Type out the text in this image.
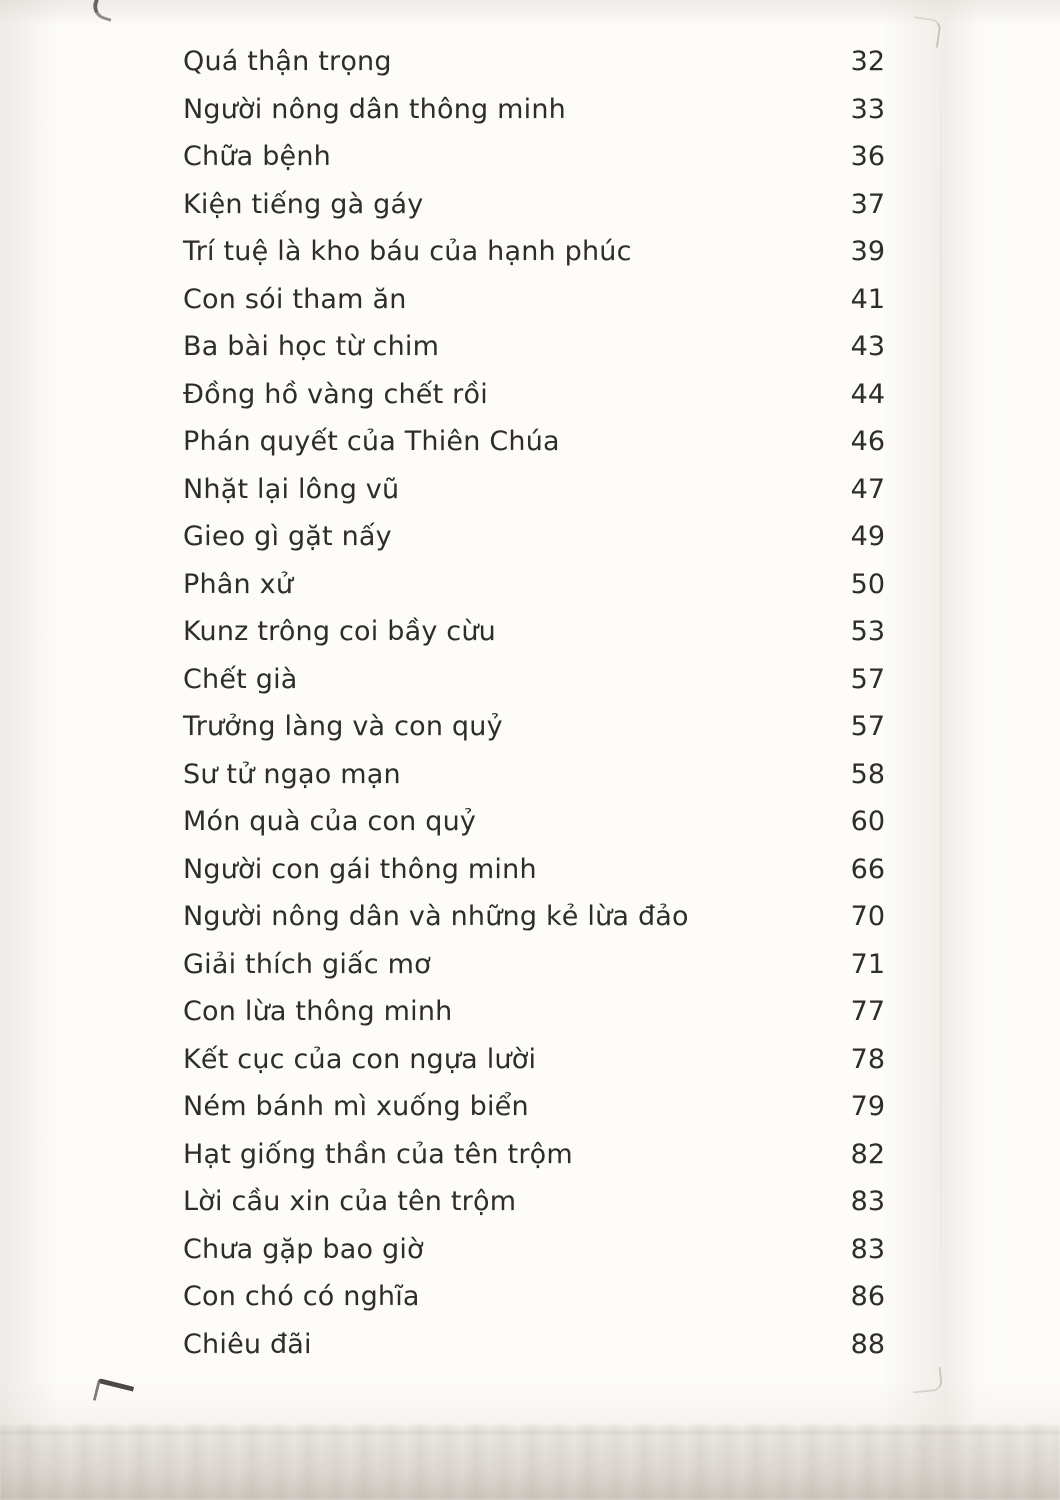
Quá thận trọng	32
Người nông dân thông minh	33
Chữa bệnh	36
Kiện tiếng gà gáy	37
Trí tuệ là kho báu của hạnh phúc	39
Con sói tham ăn	41
Ba bài học từ chim	43
Đồng hồ vàng chết rồi	44
Phán quyết của Thiên Chúa	46
Nhặt lại lông vũ	47
Gieo gì gặt nấy	49
Phân xử	50
Kunz trông coi bầy cừu	53
Chết già	57
Trưởng làng và con quỷ	57
Sư tử ngạo mạn	58
Món quà của con quỷ	60
Người con gái thông minh	66
Người nông dân và những kẻ lừa đảo	70
Giải thích giấc mơ	71
Con lừa thông minh	77
Kết cục của con ngựa lười	78
Ném bánh mì xuống biển	79
Hạt giống thần của tên trộm	82
Lời cầu xin của tên trộm	83
Chưa gặp bao giờ	83
Con chó có nghĩa	86
Chiêu đãi	88
